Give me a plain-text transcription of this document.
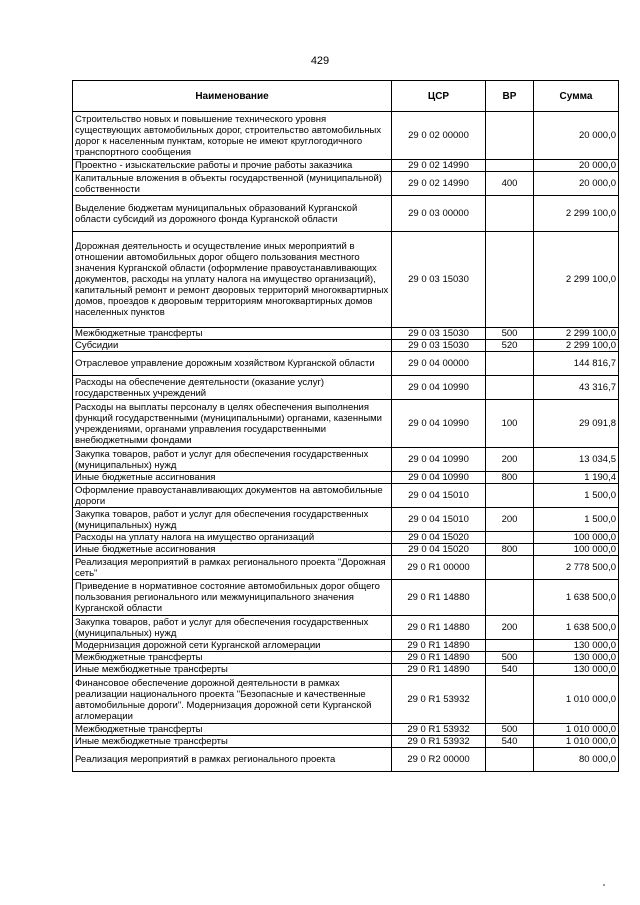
429
Наименование	ЦСР	ВР	Сумма
Строительство новых и повышение технического уровня существующих автомобильных дорог, строительство автомобильных дорог к населенным пунктам, которые не имеют круглогодичного транспортного сообщения	29 0 02 00000		20 000,0
Проектно - изыскательские работы и прочие работы заказчика	29 0 02 14990		20 000,0
Капитальные вложения в объекты государственной (муниципальной) собственности	29 0 02 14990	400	20 000,0
Выделение бюджетам муниципальных образований Курганской области субсидий из дорожного фонда Курганской области	29 0 03 00000		2 299 100,0
Дорожная деятельность и осуществление иных мероприятий в отношении автомобильных дорог общего пользования местного значения Курганской области (оформление правоустанавливающих документов, расходы на уплату налога на имущество организаций), капитальный ремонт и ремонт дворовых территорий многоквартирных домов, проездов к дворовым территориям многоквартирных домов населенных пунктов	29 0 03 15030		2 299 100,0
Межбюджетные трансферты	29 0 03 15030	500	2 299 100,0
Субсидии	29 0 03 15030	520	2 299 100,0
Отраслевое управление дорожным хозяйством Курганской области	29 0 04 00000		144 816,7
Расходы на обеспечение деятельности (оказание услуг) государственных учреждений	29 0 04 10990		43 316,7
Расходы на выплаты персоналу в целях обеспечения выполнения функций государственными (муниципальными) органами, казенными учреждениями, органами управления государственными внебюджетными фондами	29 0 04 10990	100	29 091,8
Закупка товаров, работ и услуг для обеспечения государственных (муниципальных) нужд	29 0 04 10990	200	13 034,5
Иные бюджетные ассигнования	29 0 04 10990	800	1 190,4
Оформление правоустанавливающих документов на автомобильные дороги	29 0 04 15010		1 500,0
Закупка товаров, работ и услуг для обеспечения государственных (муниципальных) нужд	29 0 04 15010	200	1 500,0
Расходы на уплату налога на имущество организаций	29 0 04 15020		100 000,0
Иные бюджетные ассигнования	29 0 04 15020	800	100 000,0
Реализация мероприятий в рамках регионального проекта "Дорожная сеть"	29 0 R1 00000		2 778 500,0
Приведение в нормативное состояние автомобильных дорог общего пользования регионального или межмуниципального значения Курганской области	29 0 R1 14880		1 638 500,0
Закупка товаров, работ и услуг для обеспечения государственных (муниципальных) нужд	29 0 R1 14880	200	1 638 500,0
Модернизация дорожной сети Курганской агломерации	29 0 R1 14890		130 000,0
Межбюджетные трансферты	29 0 R1 14890	500	130 000,0
Иные межбюджетные трансферты	29 0 R1 14890	540	130 000,0
Финансовое обеспечение дорожной деятельности в рамках реализации национального проекта "Безопасные и качественные автомобильные дороги". Модернизация дорожной сети Курганской агломерации	29 0 R1 53932		1 010 000,0
Межбюджетные трансферты	29 0 R1 53932	500	1 010 000,0
Иные межбюджетные трансферты	29 0 R1 53932	540	1 010 000,0
Реализация мероприятий в рамках регионального проекта	29 0 R2 00000		80 000,0
